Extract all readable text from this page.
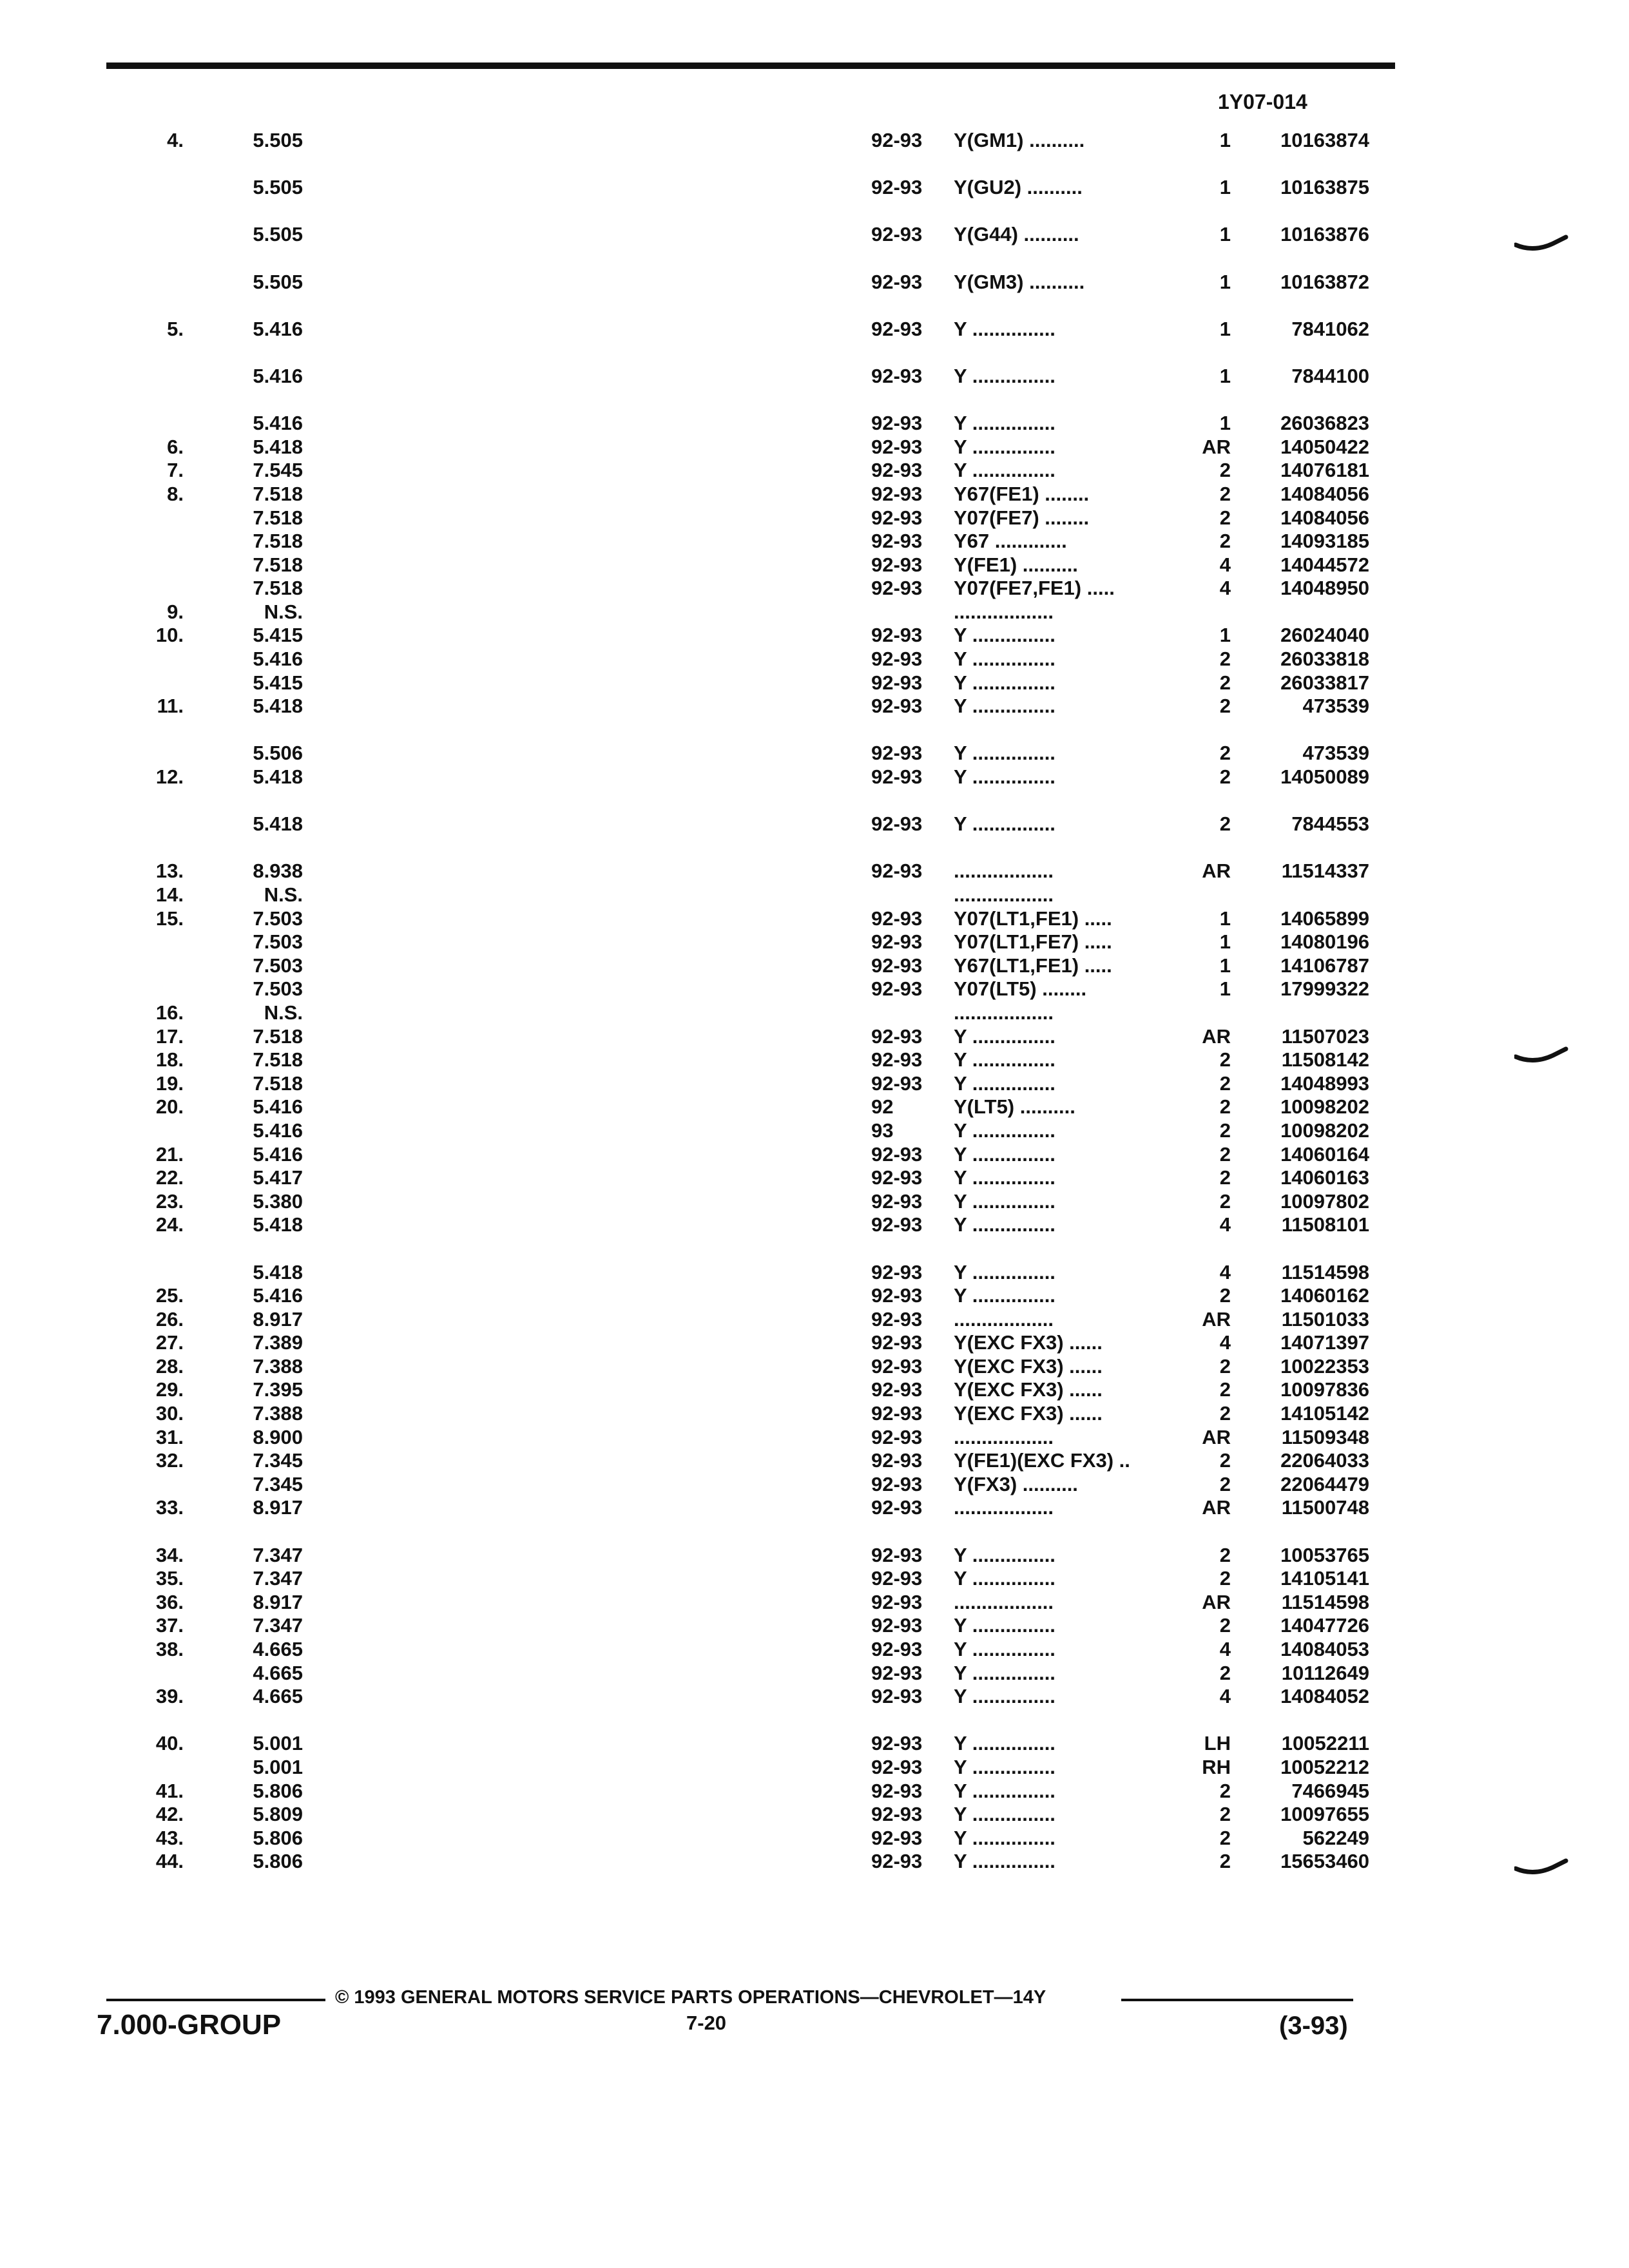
1Y07-014
4.	5.505	92-93	Y(GM1) ..........	1	10163874
5.505	92-93	Y(GU2) ..........	1	10163875
5.505	92-93	Y(G44) ..........	1	10163876
5.505	92-93	Y(GM3) ..........	1	10163872
5.	5.416	92-93	Y ...............	1	7841062
5.416	92-93	Y ...............	1	7844100
5.416	92-93	Y ...............	1	26036823
6.	5.418	92-93	Y ...............	AR	14050422
7.	7.545	92-93	Y ...............	2	14076181
8.	7.518	92-93	Y67(FE1) ........	2	14084056
7.518	92-93	Y07(FE7) ........	2	14084056
7.518	92-93	Y67 .............	2	14093185
7.518	92-93	Y(FE1) ..........	4	14044572
7.518	92-93	Y07(FE7,FE1) .....	4	14048950
9.	N.S.	..................
10.	5.415	92-93	Y ...............	1	26024040
5.416	92-93	Y ...............	2	26033818
5.415	92-93	Y ...............	2	26033817
11.	5.418	92-93	Y ...............	2	473539
5.506	92-93	Y ...............	2	473539
12.	5.418	92-93	Y ...............	2	14050089
5.418	92-93	Y ...............	2	7844553
13.	8.938	92-93	..................	AR	11514337
14.	N.S.	..................
15.	7.503	92-93	Y07(LT1,FE1) .....	1	14065899
7.503	92-93	Y07(LT1,FE7) .....	1	14080196
7.503	92-93	Y67(LT1,FE1) .....	1	14106787
7.503	92-93	Y07(LT5) ........	1	17999322
16.	N.S.	..................
17.	7.518	92-93	Y ...............	AR	11507023
18.	7.518	92-93	Y ...............	2	11508142
19.	7.518	92-93	Y ...............	2	14048993
20.	5.416	92	Y(LT5) ..........	2	10098202
5.416	93	Y ...............	2	10098202
21.	5.416	92-93	Y ...............	2	14060164
22.	5.417	92-93	Y ...............	2	14060163
23.	5.380	92-93	Y ...............	2	10097802
24.	5.418	92-93	Y ...............	4	11508101
5.418	92-93	Y ...............	4	11514598
25.	5.416	92-93	Y ...............	2	14060162
26.	8.917	92-93	..................	AR	11501033
27.	7.389	92-93	Y(EXC FX3) ......	4	14071397
28.	7.388	92-93	Y(EXC FX3) ......	2	10022353
29.	7.395	92-93	Y(EXC FX3) ......	2	10097836
30.	7.388	92-93	Y(EXC FX3) ......	2	14105142
31.	8.900	92-93	..................	AR	11509348
32.	7.345	92-93	Y(FE1)(EXC FX3) ..	2	22064033
7.345	92-93	Y(FX3) ..........	2	22064479
33.	8.917	92-93	..................	AR	11500748
34.	7.347	92-93	Y ...............	2	10053765
35.	7.347	92-93	Y ...............	2	14105141
36.	8.917	92-93	..................	AR	11514598
37.	7.347	92-93	Y ...............	2	14047726
38.	4.665	92-93	Y ...............	4	14084053
4.665	92-93	Y ...............	2	10112649
39.	4.665	92-93	Y ...............	4	14084052
40.	5.001	92-93	Y ...............	LH	10052211
5.001	92-93	Y ...............	RH	10052212
41.	5.806	92-93	Y ...............	2	7466945
42.	5.809	92-93	Y ...............	2	10097655
43.	5.806	92-93	Y ...............	2	562249
44.	5.806	92-93	Y ...............	2	15653460
© 1993 GENERAL MOTORS SERVICE PARTS OPERATIONS—CHEVROLET—14Y
7.000-GROUP	7-20	(3-93)
